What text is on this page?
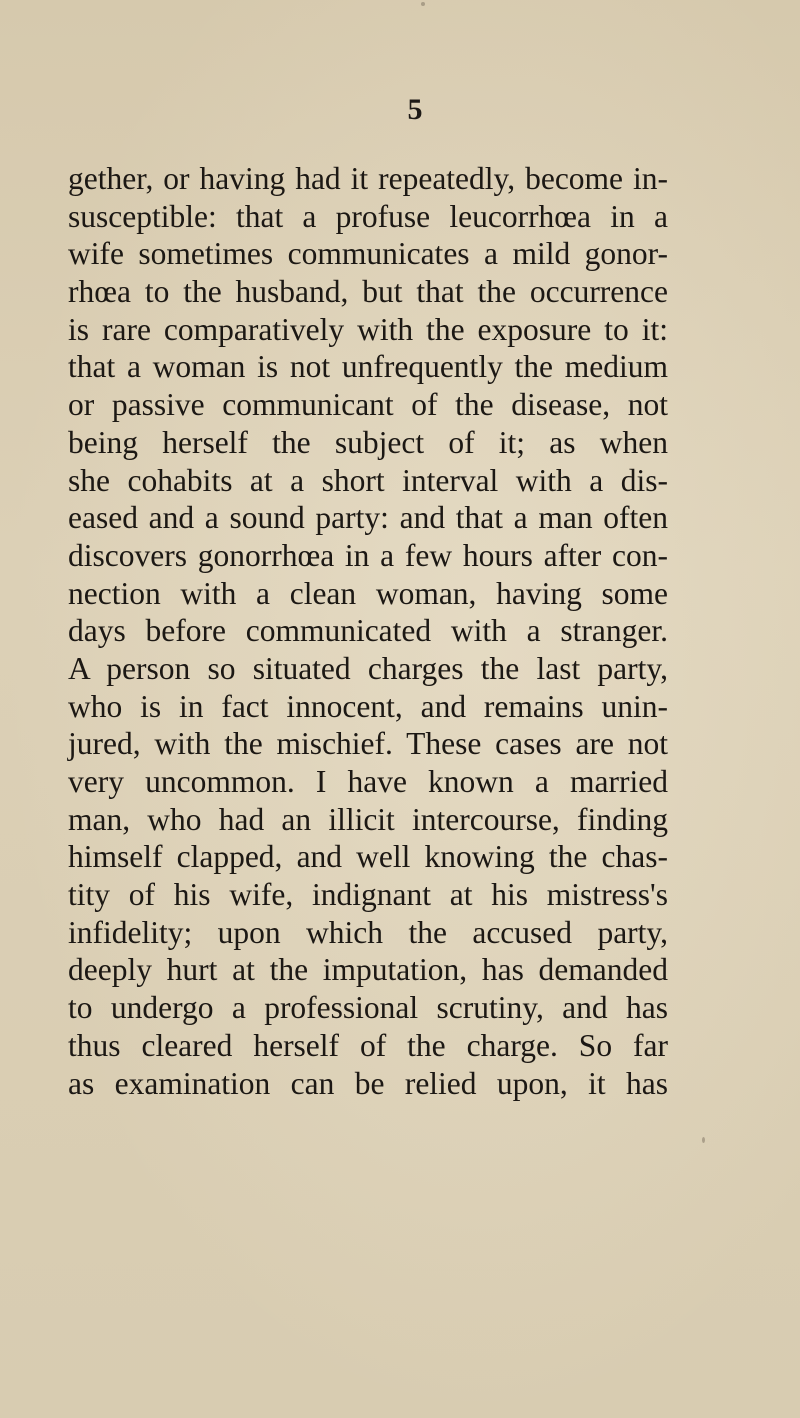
5
gether, or having had it repeatedly, become in-
susceptible: that a profuse leucorrhœa in a
wife sometimes communicates a mild gonor-
rhœa to the husband, but that the occurrence
is rare comparatively with the exposure to it:
that a woman is not unfrequently the medium
or passive communicant of the disease, not
being herself the subject of it; as when
she cohabits at a short interval with a dis-
eased and a sound party: and that a man often
discovers gonorrhœa in a few hours after con-
nection with a clean woman, having some
days before communicated with a stranger.
A person so situated charges the last party,
who is in fact innocent, and remains unin-
jured, with the mischief. These cases are not
very uncommon. I have known a married
man, who had an illicit intercourse, finding
himself clapped, and well knowing the chas-
tity of his wife, indignant at his mistress's
infidelity; upon which the accused party,
deeply hurt at the imputation, has demanded
to undergo a professional scrutiny, and has
thus cleared herself of the charge. So far
as examination can be relied upon, it has
